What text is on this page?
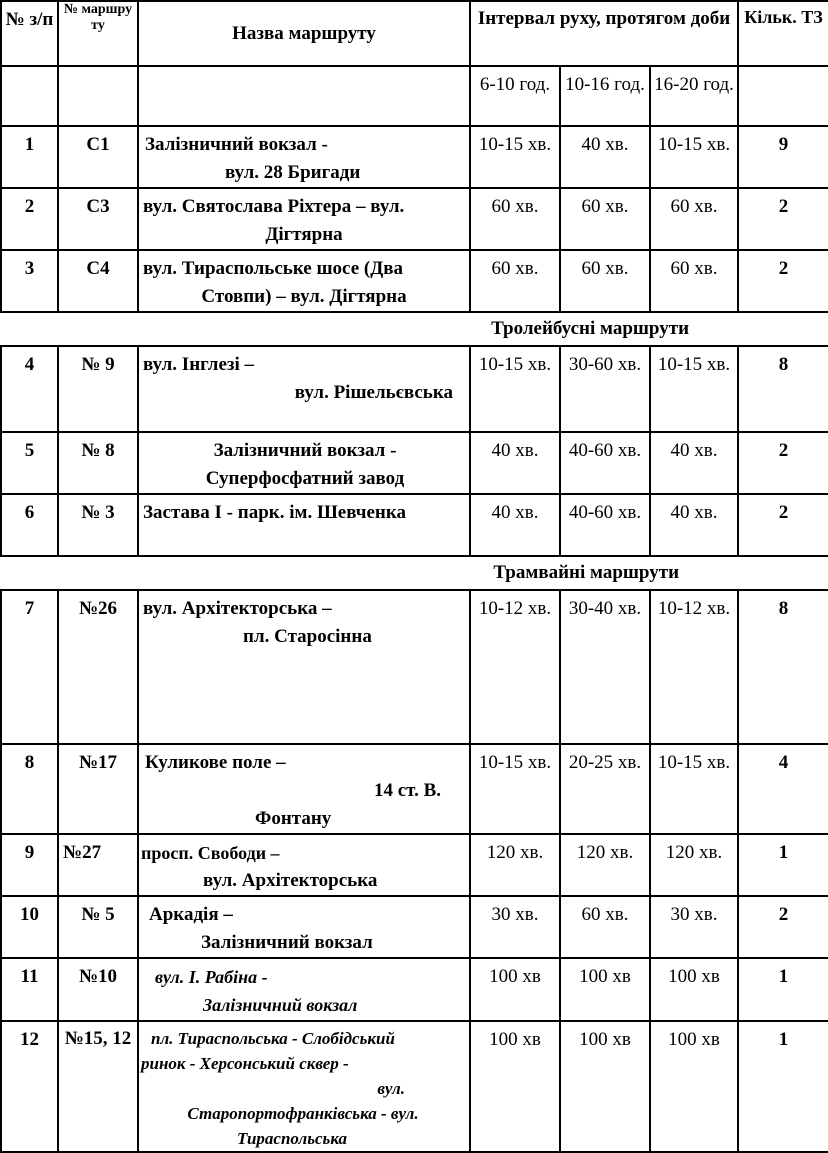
№ з/п	№ маршру ту	Назва маршруту	Інтервал руху, протягом доби			Кільк. ТЗ
			6-10 год.	10-16 год.	16-20 год.	
1	С1	Залізничний вокзал -
вул. 28 Бригади	10-15 хв.	40 хв.	10-15 хв.	9
2	С3	вул. Святослава Ріхтера – вул.
Дігтярна	60 хв.	60 хв.	60 хв.	2
3	С4	вул. Тираспольське шосе (Два
Стовпи) – вул. Дігтярна	60 хв.	60 хв.	60 хв.	2
Тролейбусні маршрути						
4	№ 9	вул. Інглезі –
вул. Рішельєвська	10-15 хв.	30-60 хв.	10-15 хв.	8
5	№ 8	Залізничний вокзал -
Суперфосфатний завод	40 хв.	40-60 хв.	40 хв.	2
6	№ 3	Застава І - парк. ім. Шевченка	40 хв.	40-60 хв.	40 хв.	2
Трамвайні маршрути						
7	№26	вул. Архітекторська –
пл. Старосінна	10-12 хв.	30-40 хв.	10-12 хв.	8
8	№17	Куликове поле –
14 ст. В.
Фонтану	10-15 хв.	20-25 хв.	10-15 хв.	4
9	№27	просп. Свободи –
вул. Архітекторська	120 хв.	120 хв.	120 хв.	1
10	№ 5	Аркадія –
Залізничний вокзал	30 хв.	60 хв.	30 хв.	2
11	№10	вул. І. Рабіна -
Залізничний вокзал	100 хв	100 хв	100 хв	1
12	№15, 12	пл. Тираспольська - Слобідський
ринок - Херсонський сквер -
вул.
Старопортофранківська - вул.
Тираспольська	100 хв	100 хв	100 хв	1
